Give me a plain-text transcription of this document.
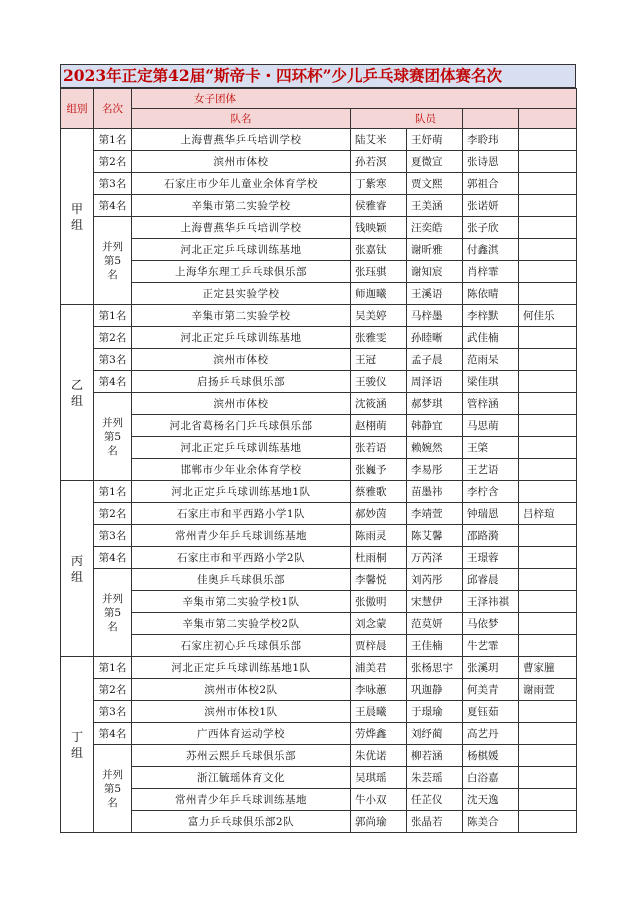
2023年正定第42届“斯帝卡・四环杯”少儿乒乓球赛团体赛名次
组别	名次	女子团体				
		队名	队员			
甲组	第1名	上海曹燕华乒乓培训学校	陆艾米	王妤萌	李聆玮	
	第2名	滨州市体校	孙若溟	夏微宣	张诗恩	
	第3名	石家庄市少年儿童业余体育学校	丁紫寒	贾文熙	郭祖合	
	第4名	辛集市第二实验学校	侯雅睿	王美涵	张诺妍	
	并列第5名	上海曹燕华乒乓培训学校	钱映颖	汪奕皓	张子欣	
		河北正定乒乓球训练基地	张嘉钛	谢昕雅	付鑫淇	
		上海华东理工乒乓球俱乐部	张珏骐	谢知宸	肖梓霏	
		正定县实验学校	师迦曦	王溪语	陈依晴	
乙组	第1名	辛集市第二实验学校	吴美婷	马梓墨	李梓默	何佳乐
	第2名	河北正定乒乓球训练基地	张雅雯	孙睦晰	武佳楠	
	第3名	滨州市体校	王冠	孟子晨	范雨呆	
	第4名	启扬乒乓球俱乐部	王骏仪	周泽语	梁佳琪	
	并列第5名	滨州市体校	沈筱涵	郝梦琪	管梓涵	
		河北省葛杨名门乒乓球俱乐部	赵栩萌	韩静宜	马思萌	
		河北正定乒乓球训练基地	张若语	赖婉然	王棨	
		邯郸市少年业余体育学校	张巍予	李易彤	王艺语	
丙组	第1名	河北正定乒乓球训练基地1队	蔡雅歌	苗墨祎	李柠含	
	第2名	石家庄市和平西路小学1队	郝妙茵	李靖萱	钟瑞恩	吕梓瑄
	第3名	常州青少年乒乓球训练基地	陈雨灵	陈艾馨	邵路漪	
	第4名	石家庄市和平西路小学2队	杜雨桐	万芮泽	王璟蓉	
	并列第5名	佳奥乒乓球俱乐部	李馨悦	刘芮彤	邱睿晨	
		辛集市第二实验学校1队	张傲明	宋慧伊	王泽祎祺	
		辛集市第二实验学校2队	刘念蒙	范莫妍	马依梦	
		石家庄初心乒乓球俱乐部	贾梓晨	王佳楠	牛艺霏	
丁组	第1名	河北正定乒乓球训练基地1队	浦美君	张杨思宇	张溪玥	曹家朣
	第2名	滨州市体校2队	李咏蕙	巩迦静	何美青	谢雨萱
	第3名	滨州市体校1队	王晨曦	于璟瑜	夏钰茹	
	第4名	广西体育运动学校	劳烨鑫	刘纾蔺	高艺丹	
	并列第5名	苏州云熙乒乓球俱乐部	朱优诺	柳若涵	杨棋媛	
		浙江毓瑶体育文化	吴琪瑶	朱芸瑶	白浴嘉	
		常州青少年乒乓球训练基地	牛小双	任芷仪	沈天逸	
		富力乒乓球俱乐部2队	郭尚瑜	张晶若	陈美合	
